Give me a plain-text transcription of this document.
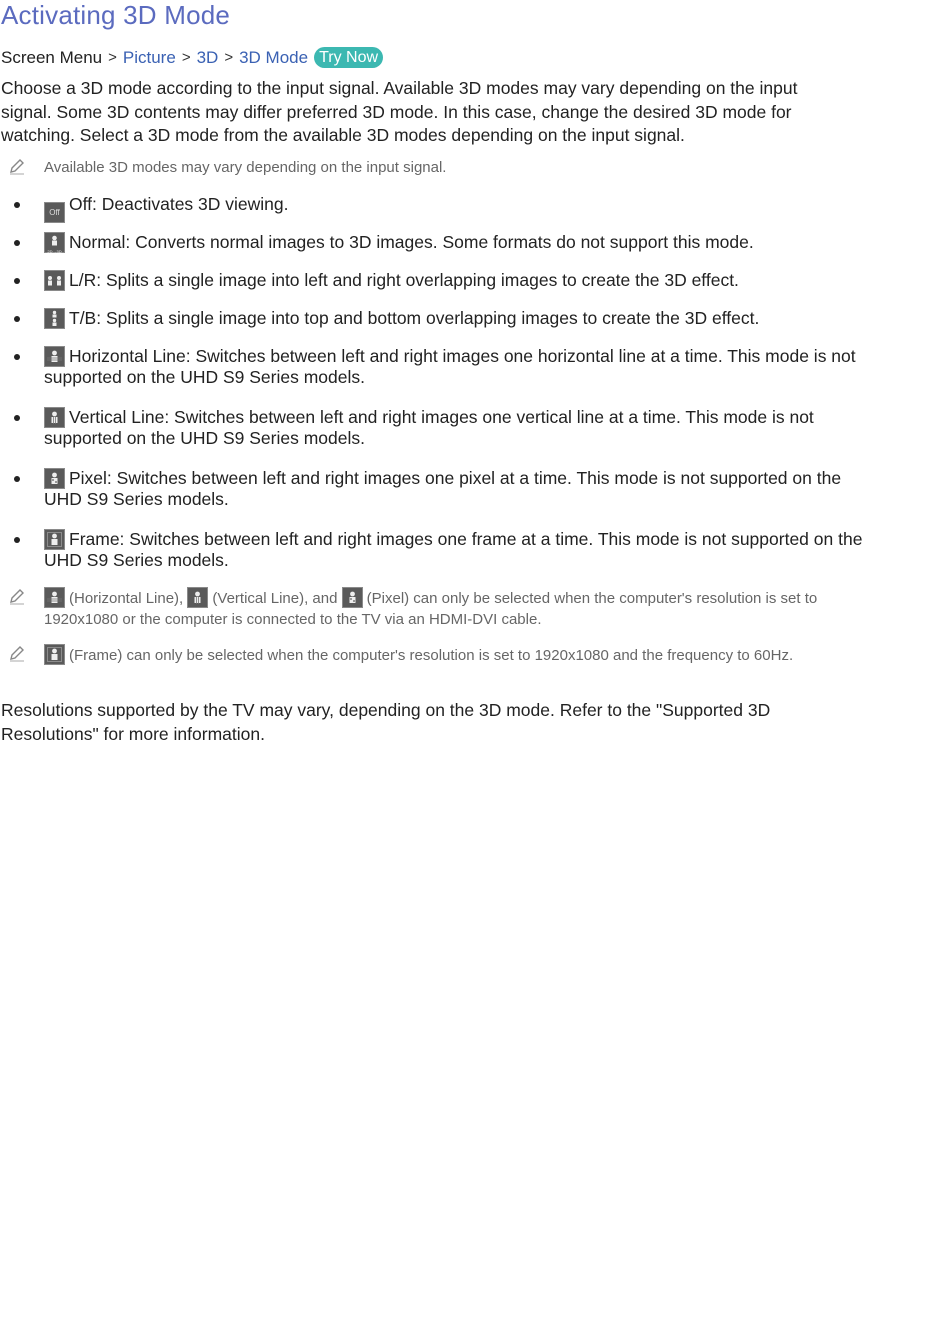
Activating 3D Mode
Screen Menu > Picture > 3D > 3D Mode Try Now
Choose a 3D mode according to the input signal. Available 3D modes may vary depending on the input signal. Some 3D contents may differ preferred 3D mode. In this case, change the desired 3D mode for watching. Select a 3D mode from the available 3D modes depending on the input signal.
Available 3D modes may vary depending on the input signal.
Off Off: Deactivates 3D viewing.
2D→3D Normal: Converts normal images to 3D images. Some formats do not support this mode.
L/R: Splits a single image into left and right overlapping images to create the 3D effect.
T/B: Splits a single image into top and bottom overlapping images to create the 3D effect.
Horizontal Line: Switches between left and right images one horizontal line at a time. This mode is not supported on the UHD S9 Series models.
Vertical Line: Switches between left and right images one vertical line at a time. This mode is not supported on the UHD S9 Series models.
Pixel: Switches between left and right images one pixel at a time. This mode is not supported on the UHD S9 Series models.
Frame: Switches between left and right images one frame at a time. This mode is not supported on the UHD S9 Series models.
(Horizontal Line), (Vertical Line), and (Pixel) can only be selected when the computer's resolution is set to 1920x1080 or the computer is connected to the TV via an HDMI-DVI cable.
(Frame) can only be selected when the computer's resolution is set to 1920x1080 and the frequency to 60Hz.
Resolutions supported by the TV may vary, depending on the 3D mode. Refer to the "Supported 3D Resolutions" for more information.
